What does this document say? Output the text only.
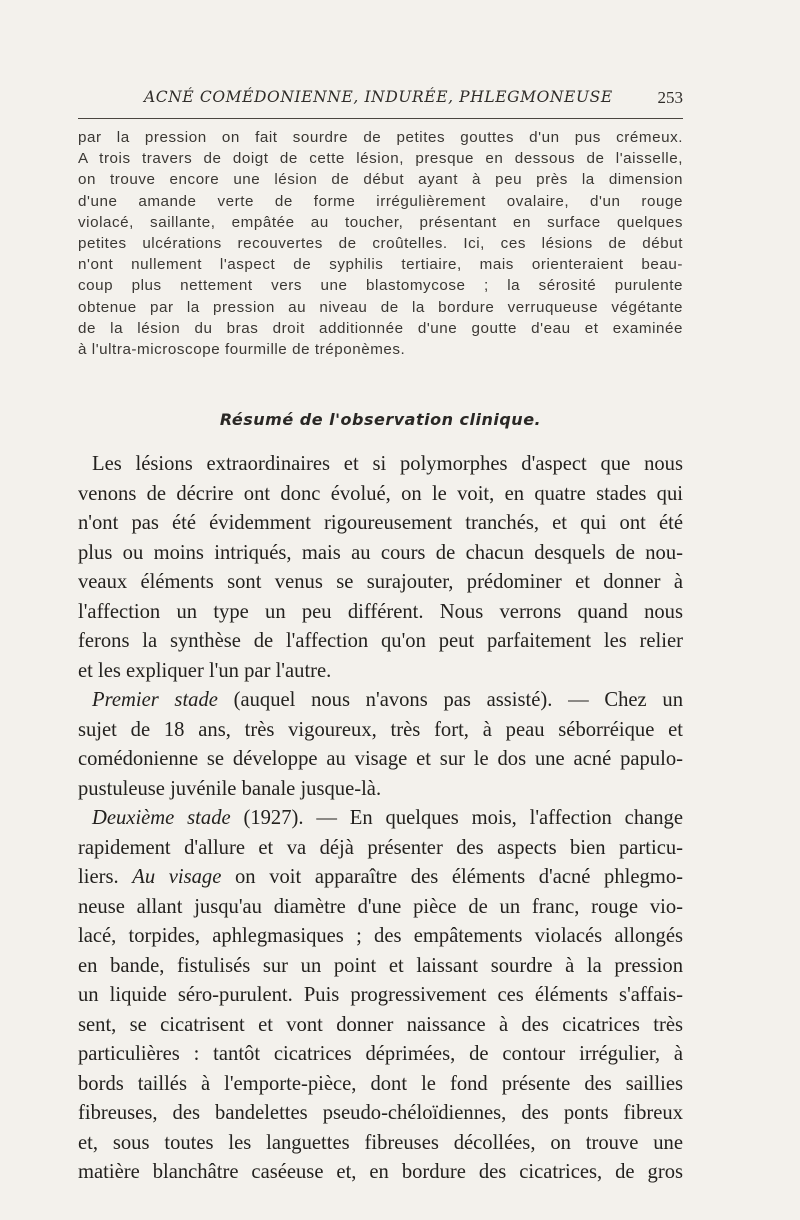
ACNÉ COMÉDONIENNE, INDURÉE, PHLEGMONEUSE	253
par la pression on fait sourdre de petites gouttes d'un pus crémeux.
A trois travers de doigt de cette lésion, presque en dessous de l'aisselle,
on trouve encore une lésion de début ayant à peu près la dimension
d'une amande verte de forme irrégulièrement ovalaire, d'un rouge
violacé, saillante, empâtée au toucher, présentant en surface quelques
petites ulcérations recouvertes de croûtelles. Ici, ces lésions de début
n'ont nullement l'aspect de syphilis tertiaire, mais orienteraient beau-
coup plus nettement vers une blastomycose ; la sérosité purulente
obtenue par la pression au niveau de la bordure verruqueuse végétante
de la lésion du bras droit additionnée d'une goutte d'eau et examinée
à l'ultra-microscope fourmille de tréponèmes.
Résumé de l'observation clinique.
Les lésions extraordinaires et si polymorphes d'aspect que nous
venons de décrire ont donc évolué, on le voit, en quatre stades qui
n'ont pas été évidemment rigoureusement tranchés, et qui ont été
plus ou moins intriqués, mais au cours de chacun desquels de nou-
veaux éléments sont venus se surajouter, prédominer et donner à
l'affection un type un peu différent. Nous verrons quand nous
ferons la synthèse de l'affection qu'on peut parfaitement les relier
et les expliquer l'un par l'autre.
Premier stade (auquel nous n'avons pas assisté). — Chez un
sujet de 18 ans, très vigoureux, très fort, à peau séborréique et
comédonienne se développe au visage et sur le dos une acné papulo-
pustuleuse juvénile banale jusque-là.
Deuxième stade (1927). — En quelques mois, l'affection change
rapidement d'allure et va déjà présenter des aspects bien particu-
liers. Au visage on voit apparaître des éléments d'acné phlegmo-
neuse allant jusqu'au diamètre d'une pièce de un franc, rouge vio-
lacé, torpides, aphlegmasiques ; des empâtements violacés allongés
en bande, fistulisés sur un point et laissant sourdre à la pression
un liquide séro-purulent. Puis progressivement ces éléments s'affais-
sent, se cicatrisent et vont donner naissance à des cicatrices très
particulières : tantôt cicatrices déprimées, de contour irrégulier, à
bords taillés à l'emporte-pièce, dont le fond présente des saillies
fibreuses, des bandelettes pseudo-chéloïdiennes, des ponts fibreux
et, sous toutes les languettes fibreuses décollées, on trouve une
matière blanchâtre caséeuse et, en bordure des cicatrices, de gros
